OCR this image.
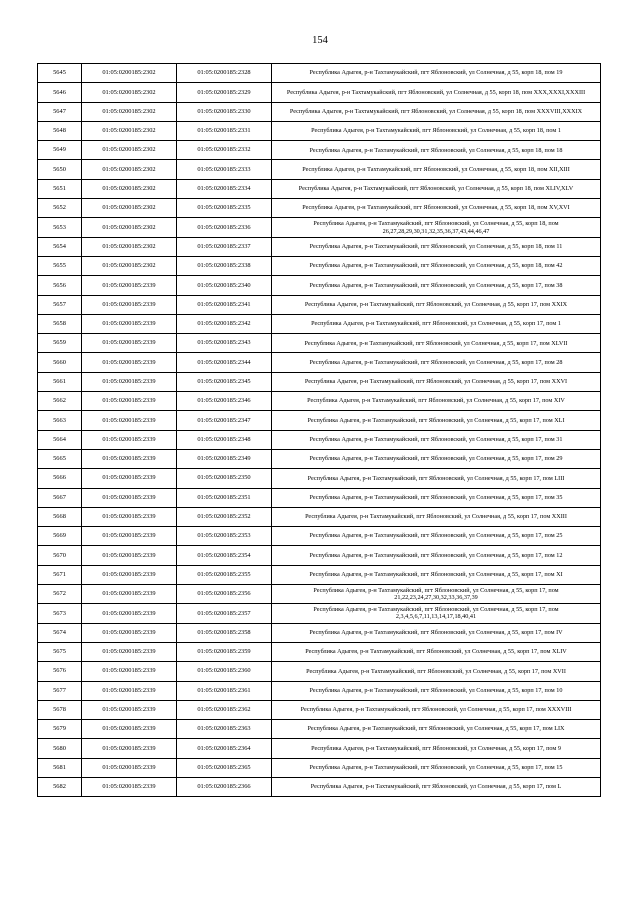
154
5645	01:05:0200185:2302	01:05:0200185:2328	Республика Адыгея, р-н Тахтамукайский, пгт Яблоновский, ул Солнечная, д 55, корп 18, пом 19
5646	01:05:0200185:2302	01:05:0200185:2329	Республика Адыгея, р-н Тахтамукайский, пгт Яблоновский, ул Солнечная, д 55, корп 18, пом XXX,XXXI,XXXIII
5647	01:05:0200185:2302	01:05:0200185:2330	Республика Адыгея, р-н Тахтамукайский, пгт Яблоновский, ул Солнечная, д 55, корп 18, пом XXXVIII,XXXIX
5648	01:05:0200185:2302	01:05:0200185:2331	Республика Адыгея, р-н Тахтамукайский, пгт Яблоновский, ул Солнечная, д 55, корп 18, пом 1
5649	01:05:0200185:2302	01:05:0200185:2332	Республика Адыгея, р-н Тахтамукайский, пгт Яблоновский, ул Солнечная, д 55, корп 18, пом 18
5650	01:05:0200185:2302	01:05:0200185:2333	Республика Адыгея, р-н Тахтамукайский, пгт Яблоновский, ул Солнечная, д 55, корп 18, пом XII,XIII
5651	01:05:0200185:2302	01:05:0200185:2334	Республика Адыгея, р-н Тахтамукайский, пгт Яблоновский, ул Солнечная, д 55, корп 18, пом XLIV,XLV
5652	01:05:0200185:2302	01:05:0200185:2335	Республика Адыгея, р-н Тахтамукайский, пгт Яблоновский, ул Солнечная, д 55, корп 18, пом XV,XVI
5653	01:05:0200185:2302	01:05:0200185:2336	Республика Адыгея, р-н Тахтамукайский, пгт Яблоновский, ул Солнечная, д 55, корп 18, пом 26,27,28,29,30,31,32,35,36,37,43,44,46,47
5654	01:05:0200185:2302	01:05:0200185:2337	Республика Адыгея, р-н Тахтамукайский, пгт Яблоновский, ул Солнечная, д 55, корп 18, пом 11
5655	01:05:0200185:2302	01:05:0200185:2338	Республика Адыгея, р-н Тахтамукайский, пгт Яблоновский, ул Солнечная, д 55, корп 18, пом 42
5656	01:05:0200185:2339	01:05:0200185:2340	Республика Адыгея, р-н Тахтамукайский, пгт Яблоновский, ул Солнечная, д 55, корп 17, пом 38
5657	01:05:0200185:2339	01:05:0200185:2341	Республика Адыгея, р-н Тахтамукайский, пгт Яблоновский, ул Солнечная, д 55, корп 17, пом XXIX
5658	01:05:0200185:2339	01:05:0200185:2342	Республика Адыгея, р-н Тахтамукайский, пгт Яблоновский, ул Солнечная, д 55, корп 17, пом 1
5659	01:05:0200185:2339	01:05:0200185:2343	Республика Адыгея, р-н Тахтамукайский, пгт Яблоновский, ул Солнечная, д 55, корп 17, пом XLVII
5660	01:05:0200185:2339	01:05:0200185:2344	Республика Адыгея, р-н Тахтамукайский, пгт Яблоновский, ул Солнечная, д 55, корп 17, пом 28
5661	01:05:0200185:2339	01:05:0200185:2345	Республика Адыгея, р-н Тахтамукайский, пгт Яблоновский, ул Солнечная, д 55, корп 17, пом XXVI
5662	01:05:0200185:2339	01:05:0200185:2346	Республика Адыгея, р-н Тахтамукайский, пгт Яблоновский, ул Солнечная, д 55, корп 17, пом XIV
5663	01:05:0200185:2339	01:05:0200185:2347	Республика Адыгея, р-н Тахтамукайский, пгт Яблоновский, ул Солнечная, д 55, корп 17, пом XLI
5664	01:05:0200185:2339	01:05:0200185:2348	Республика Адыгея, р-н Тахтамукайский, пгт Яблоновский, ул Солнечная, д 55, корп 17, пом 31
5665	01:05:0200185:2339	01:05:0200185:2349	Республика Адыгея, р-н Тахтамукайский, пгт Яблоновский, ул Солнечная, д 55, корп 17, пом 29
5666	01:05:0200185:2339	01:05:0200185:2350	Республика Адыгея, р-н Тахтамукайский, пгт Яблоновский, ул Солнечная, д 55, корп 17, пом LIII
5667	01:05:0200185:2339	01:05:0200185:2351	Республика Адыгея, р-н Тахтамукайский, пгт Яблоновский, ул Солнечная, д 55, корп 17, пом 35
5668	01:05:0200185:2339	01:05:0200185:2352	Республика Адыгея, р-н Тахтамукайский, пгт Яблоновский, ул Солнечная, д 55, корп 17, пом XXIII
5669	01:05:0200185:2339	01:05:0200185:2353	Республика Адыгея, р-н Тахтамукайский, пгт Яблоновский, ул Солнечная, д 55, корп 17, пом 25
5670	01:05:0200185:2339	01:05:0200185:2354	Республика Адыгея, р-н Тахтамукайский, пгт Яблоновский, ул Солнечная, д 55, корп 17, пом 12
5671	01:05:0200185:2339	01:05:0200185:2355	Республика Адыгея, р-н Тахтамукайский, пгт Яблоновский, ул Солнечная, д 55, корп 17, пом XI
5672	01:05:0200185:2339	01:05:0200185:2356	Республика Адыгея, р-н Тахтамукайский, пгт Яблоновский, ул Солнечная, д 55, корп 17, пом 21,22,23,24,27,30,32,33,36,37,39
5673	01:05:0200185:2339	01:05:0200185:2357	Республика Адыгея, р-н Тахтамукайский, пгт Яблоновский, ул Солнечная, д 55, корп 17, пом 2,3,4,5,6,7,11,13,14,17,18,40,41
5674	01:05:0200185:2339	01:05:0200185:2358	Республика Адыгея, р-н Тахтамукайский, пгт Яблоновский, ул Солнечная, д 55, корп 17, пом IV
5675	01:05:0200185:2339	01:05:0200185:2359	Республика Адыгея, р-н Тахтамукайский, пгт Яблоновский, ул Солнечная, д 55, корп 17, пом XLIV
5676	01:05:0200185:2339	01:05:0200185:2360	Республика Адыгея, р-н Тахтамукайский, пгт Яблоновский, ул Солнечная, д 55, корп 17, пом XVII
5677	01:05:0200185:2339	01:05:0200185:2361	Республика Адыгея, р-н Тахтамукайский, пгт Яблоновский, ул Солнечная, д 55, корп 17, пом 10
5678	01:05:0200185:2339	01:05:0200185:2362	Республика Адыгея, р-н Тахтамукайский, пгт Яблоновский, ул Солнечная, д 55, корп 17, пом XXXVIII
5679	01:05:0200185:2339	01:05:0200185:2363	Республика Адыгея, р-н Тахтамукайский, пгт Яблоновский, ул Солнечная, д 55, корп 17, пом LIX
5680	01:05:0200185:2339	01:05:0200185:2364	Республика Адыгея, р-н Тахтамукайский, пгт Яблоновский, ул Солнечная, д 55, корп 17, пом 9
5681	01:05:0200185:2339	01:05:0200185:2365	Республика Адыгея, р-н Тахтамукайский, пгт Яблоновский, ул Солнечная, д 55, корп 17, пом 15
5682	01:05:0200185:2339	01:05:0200185:2366	Республика Адыгея, р-н Тахтамукайский, пгт Яблоновский, ул Солнечная, д 55, корп 17, пом L
